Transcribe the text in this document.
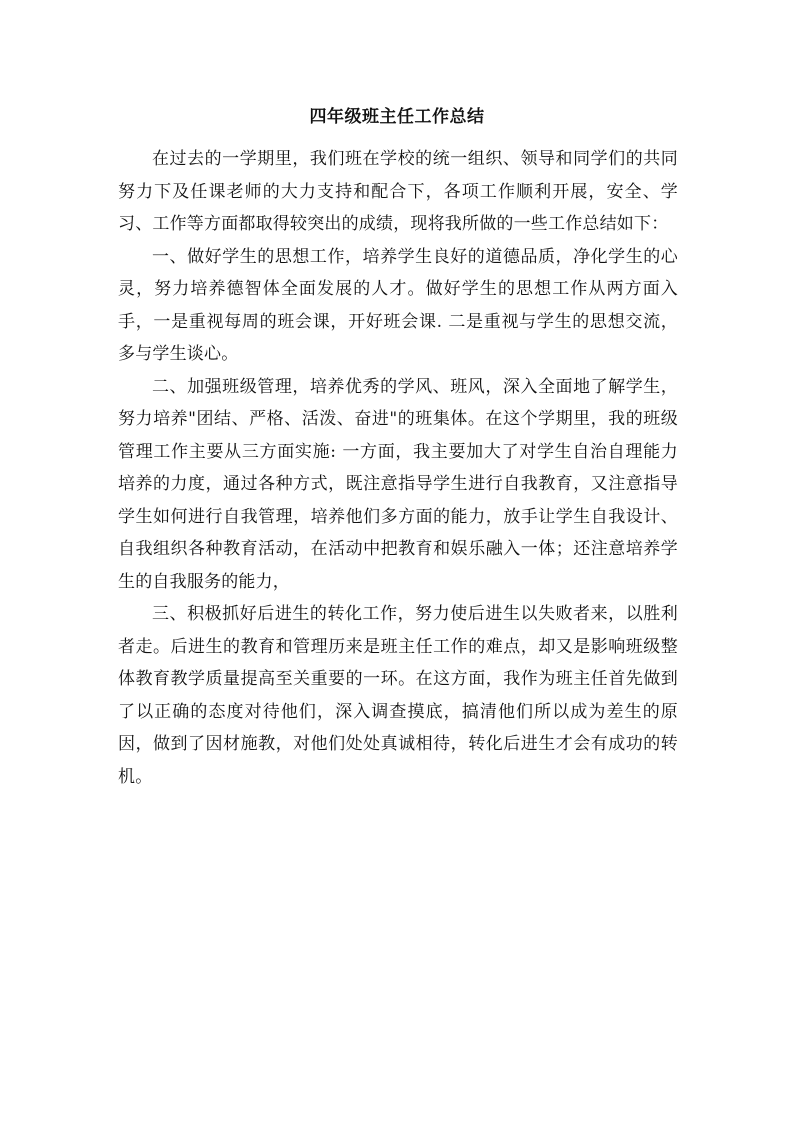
四年级班主任工作总结

在过去的一学期里，我们班在学校的统一组织、领导和同学们的共同努力下及任课老师的大力支持和配合下，各项工作顺利开展，安全、学习、工作等方面都取得较突出的成绩，现将我所做的一些工作总结如下：

一、做好学生的思想工作，培养学生良好的道德品质，净化学生的心灵，努力培养德智体全面发展的人才。做好学生的思想工作从两方面入手，一是重视每周的班会课，开好班会课. 二是重视与学生的思想交流，多与学生谈心。

二、加强班级管理，培养优秀的学风、班风，深入全面地了解学生，努力培养"团结、严格、活泼、奋进"的班集体。在这个学期里，我的班级管理工作主要从三方面实施: 一方面，我主要加大了对学生自治自理能力培养的力度，通过各种方式，既注意指导学生进行自我教育，又注意指导学生如何进行自我管理，培养他们多方面的能力，放手让学生自我设计、自我组织各种教育活动，在活动中把教育和娱乐融入一体；还注意培养学生的自我服务的能力，

三、积极抓好后进生的转化工作，努力使后进生以失败者来，以胜利者走。后进生的教育和管理历来是班主任工作的难点，却又是影响班级整体教育教学质量提高至关重要的一环。在这方面，我作为班主任首先做到了以正确的态度对待他们，深入调查摸底，搞清他们所以成为差生的原因，做到了因材施教，对他们处处真诚相待，转化后进生才会有成功的转机。
